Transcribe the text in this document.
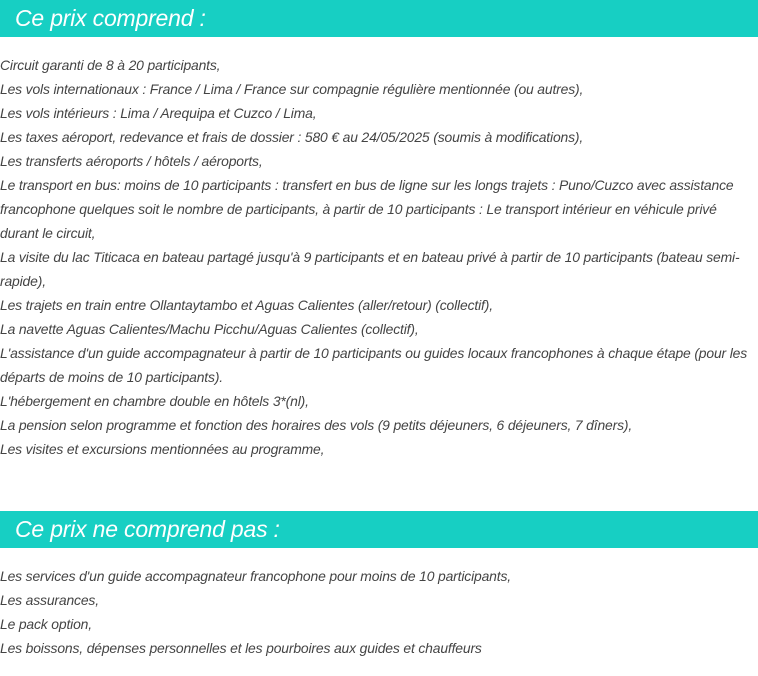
Ce prix comprend :
Circuit garanti de 8 à 20 participants,
Les vols internationaux : France / Lima / France sur compagnie régulière mentionnée (ou autres),
Les vols intérieurs : Lima / Arequipa et Cuzco / Lima,
Les taxes aéroport, redevance et frais de dossier : 580 € au 24/05/2025 (soumis à modifications),
Les transferts aéroports / hôtels / aéroports,
Le transport en bus: moins de 10 participants : transfert en bus de ligne sur les longs trajets : Puno/Cuzco avec assistance francophone quelques soit le nombre de participants, à partir de 10 participants : Le transport intérieur en véhicule privé durant le circuit,
La visite du lac Titicaca en bateau partagé jusqu'à 9 participants et en bateau privé à partir de 10 participants (bateau semi-rapide),
Les trajets en train entre Ollantaytambo et Aguas Calientes (aller/retour) (collectif),
La navette Aguas Calientes/Machu Picchu/Aguas Calientes (collectif),
L'assistance d'un guide accompagnateur à partir de 10 participants ou guides locaux francophones à chaque étape (pour les départs de moins de 10 participants).
L'hébergement en chambre double en hôtels 3*(nl),
La pension selon programme et fonction des horaires des vols (9 petits déjeuners, 6 déjeuners, 7 dîners),
Les visites et excursions mentionnées au programme,
Ce prix ne comprend pas :
Les services d'un guide accompagnateur francophone pour moins de 10 participants,
Les assurances,
Le pack option,
Les boissons, dépenses personnelles et les pourboires aux guides et chauffeurs
